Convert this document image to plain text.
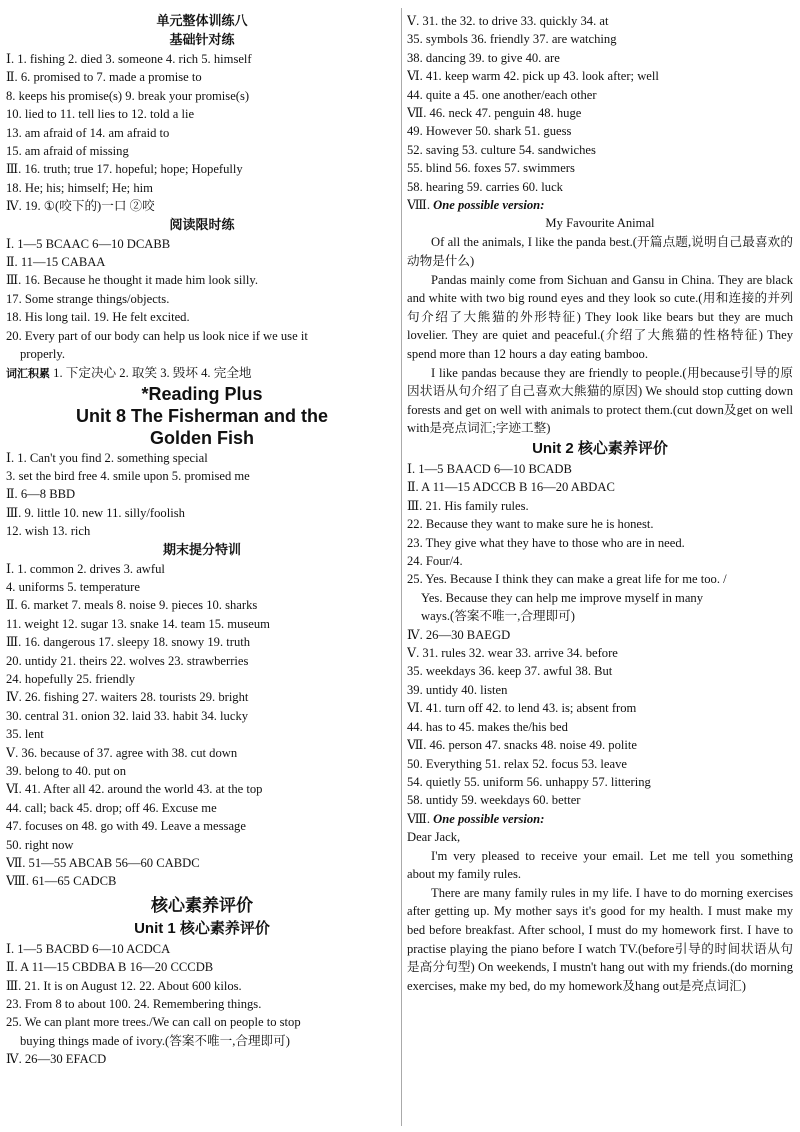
单元整体训练八
基础针对练
Ⅰ. 1. fishing 2. died 3. someone 4. rich 5. himself
Ⅱ. 6. promised to 7. made a promise to
8. keeps his promise(s) 9. break your promise(s)
10. lied to 11. tell lies to 12. told a lie
13. am afraid of 14. am afraid to
15. am afraid of missing
Ⅲ. 16. truth; true 17. hopeful; hope; Hopefully
18. He; his; himself; He; him
Ⅳ. 19. ①(咬下的)一口 ②咬
阅读限时练
Ⅰ. 1—5 BCAAC 6—10 DCABB
Ⅱ. 11—15 CABAA
Ⅲ. 16. Because he thought it made him look silly.
17. Some strange things/objects.
18. His long tail. 19. He felt excited.
20. Every part of our body can help us look nice if we use it
properly.
词汇积累 1. 下定决心 2. 取笑 3. 毁坏 4. 完全地
*Reading Plus
Unit 8 The Fisherman and the
Golden Fish
Ⅰ. 1. Can't you find 2. something special
3. set the bird free 4. smile upon 5. promised me
Ⅱ. 6—8 BBD
Ⅲ. 9. little 10. new 11. silly/foolish
12. wish 13. rich
期末提分特训
Ⅰ. 1. common 2. drives 3. awful
4. uniforms 5. temperature
Ⅱ. 6. market 7. meals 8. noise 9. pieces 10. sharks
11. weight 12. sugar 13. snake 14. team 15. museum
Ⅲ. 16. dangerous 17. sleepy 18. snowy 19. truth
20. untidy 21. theirs 22. wolves 23. strawberries
24. hopefully 25. friendly
Ⅳ. 26. fishing 27. waiters 28. tourists 29. bright
30. central 31. onion 32. laid 33. habit 34. lucky
35. lent
Ⅴ. 36. because of 37. agree with 38. cut down
39. belong to 40. put on
Ⅵ. 41. After all 42. around the world 43. at the top
44. call; back 45. drop; off 46. Excuse me
47. focuses on 48. go with 49. Leave a message
50. right now
Ⅶ. 51—55 ABCAB 56—60 CABDC
Ⅷ. 61—65 CADCB
核心素养评价
Unit 1 核心素养评价
Ⅰ. 1—5 BACBD 6—10 ACDCA
Ⅱ. A 11—15 CBDBA B 16—20 CCCDB
Ⅲ. 21. It is on August 12. 22. About 600 kilos.
23. From 8 to about 100. 24. Remembering things.
25. We can plant more trees./We can call on people to stop
buying things made of ivory.(答案不唯一,合理即可)
Ⅳ. 26—30 EFACD
Ⅴ. 31. the 32. to drive 33. quickly 34. at
35. symbols 36. friendly 37. are watching
38. dancing 39. to give 40. are
Ⅵ. 41. keep warm 42. pick up 43. look after; well
44. quite a 45. one another/each other
Ⅶ. 46. neck 47. penguin 48. huge
49. However 50. shark 51. guess
52. saving 53. culture 54. sandwiches
55. blind 56. foxes 57. swimmers
58. hearing 59. carries 60. luck
Ⅷ. One possible version:
My Favourite Animal
Of all the animals, I like the panda best.(开篇点题,说明自己最喜欢的动物是什么)
Pandas mainly come from Sichuan and Gansu in China. They are black and white with two big round eyes and they look so cute.(用和连接的并列句介绍了大熊猫的外形特征) They look like bears but they are much lovelier. They are quiet and peaceful.(介绍了大熊猫的性格特征) They spend more than 12 hours a day eating bamboo.
I like pandas because they are friendly to people.(用because引导的原因状语从句介绍了自己喜欢大熊猫的原因) We should stop cutting down forests and get on well with animals to protect them.(cut down及get on well with是亮点词汇;字迹工整)
Unit 2 核心素养评价
Ⅰ. 1—5 BAACD 6—10 BCADB
Ⅱ. A 11—15 ADCCB B 16—20 ABDAC
Ⅲ. 21. His family rules.
22. Because they want to make sure he is honest.
23. They give what they have to those who are in need.
24. Four/4.
25. Yes. Because I think they can make a great life for me too. /
Yes. Because they can help me improve myself in many
ways.(答案不唯一,合理即可)
Ⅳ. 26—30 BAEGD
Ⅴ. 31. rules 32. wear 33. arrive 34. before
35. weekdays 36. keep 37. awful 38. But
39. untidy 40. listen
Ⅵ. 41. turn off 42. to lend 43. is; absent from
44. has to 45. makes the/his bed
Ⅶ. 46. person 47. snacks 48. noise 49. polite
50. Everything 51. relax 52. focus 53. leave
54. quietly 55. uniform 56. unhappy 57. littering
58. untidy 59. weekdays 60. better
Ⅷ. One possible version:
Dear Jack,
I'm very pleased to receive your email. Let me tell you something about my family rules.
There are many family rules in my life. I have to do morning exercises after getting up. My mother says it's good for my health. I must make my bed before breakfast. After school, I must do my homework first. I have to practise playing the piano before I watch TV.(before引导的时间状语从句是高分句型) On weekends, I mustn't hang out with my friends.(do morning exercises, make my bed, do my homework及hang out是亮点词汇)
